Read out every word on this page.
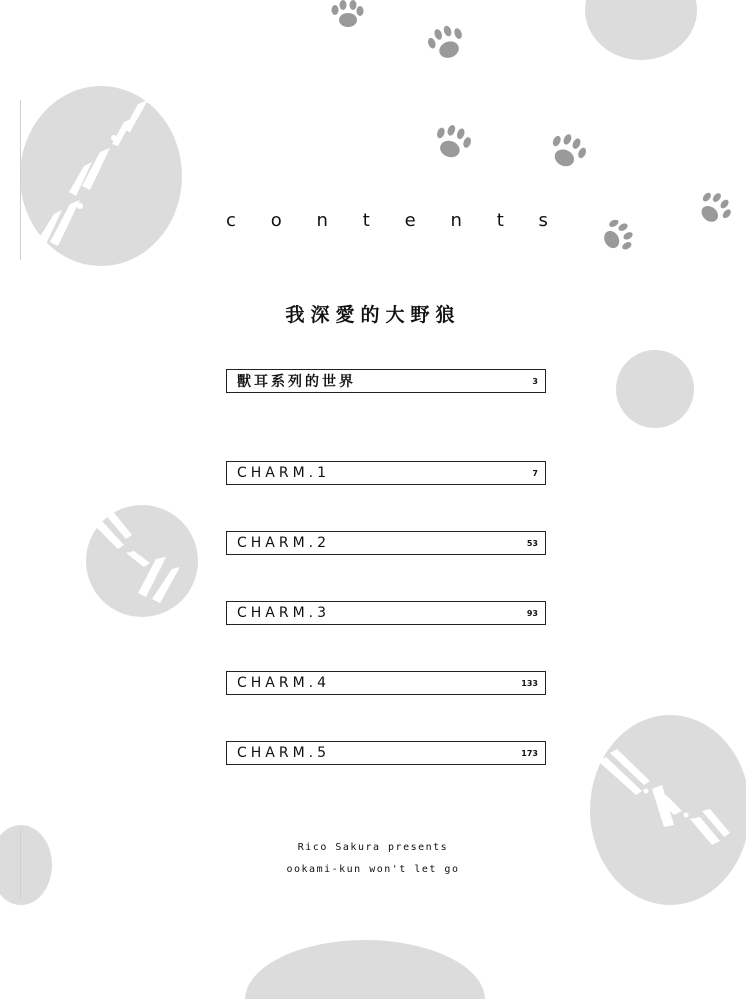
c o n t e n t s
我深愛的大野狼
獸耳系列的世界	3
CHARM.1	7
CHARM.2	53
CHARM.3	93
CHARM.4	133
CHARM.5	173
Rico Sakura presents
ookami-kun won't let go
